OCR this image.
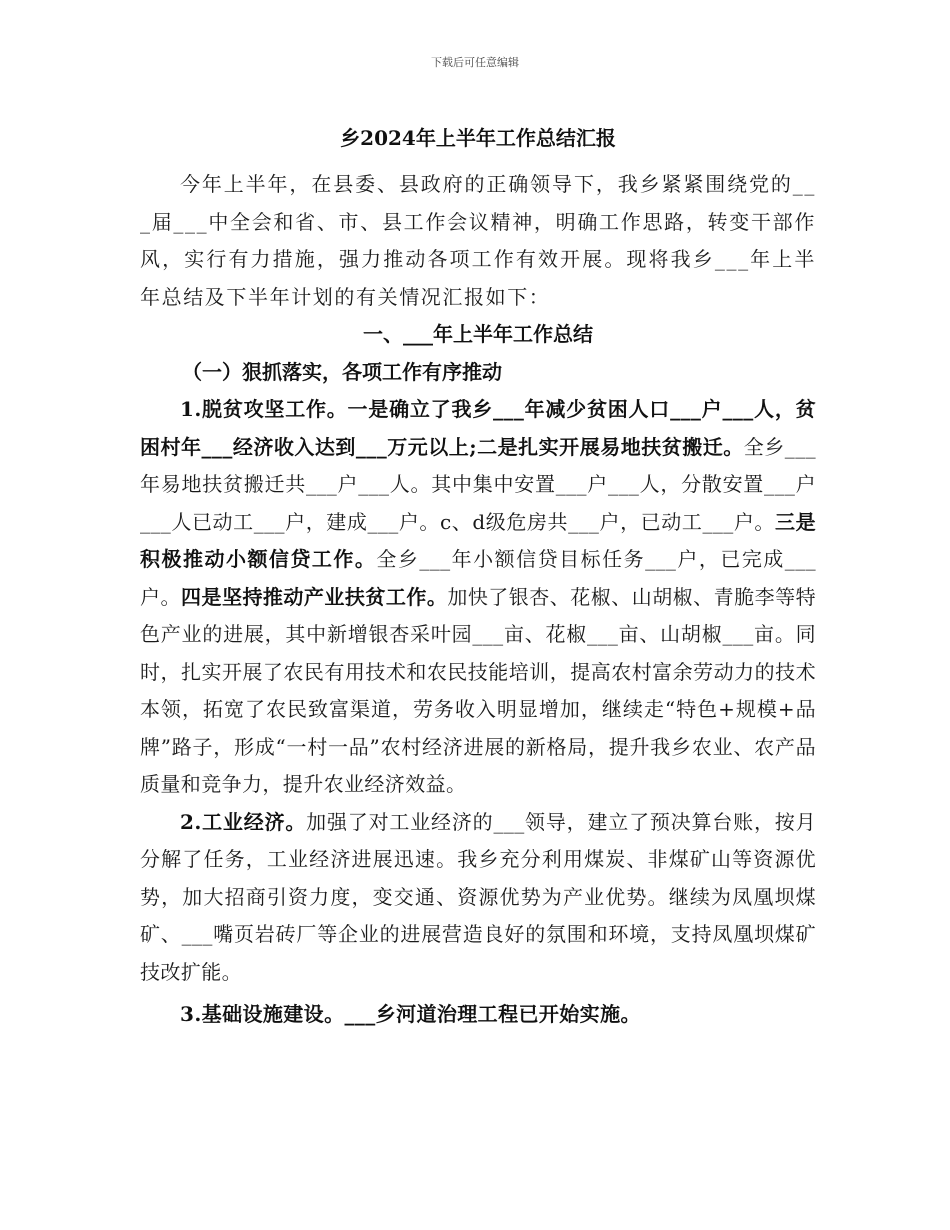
下载后可任意编辑
乡2024年上半年工作总结汇报

今年上半年，在县委、县政府的正确领导下，我乡紧紧围绕党的___届___中全会和省、市、县工作会议精神，明确工作思路，转变干部作风，实行有力措施，强力推动各项工作有效开展。现将我乡___年上半年总结及下半年计划的有关情况汇报如下：

一、___年上半年工作总结
（一）狠抓落实，各项工作有序推动

1.脱贫攻坚工作。一是确立了我乡___年减少贫困人口___户___人，贫困村年___经济收入达到___万元以上;二是扎实开展易地扶贫搬迁。全乡___年易地扶贫搬迁共___户___人。其中集中安置___户___人，分散安置___户___人已动工___户，建成___户。c、d级危房共___户，已动工___户。三是积极推动小额信贷工作。全乡___年小额信贷目标任务___户，已完成___户。四是坚持推动产业扶贫工作。加快了银杏、花椒、山胡椒、青脆李等特色产业的进展，其中新增银杏采叶园___亩、花椒___亩、山胡椒___亩。同时，扎实开展了农民有用技术和农民技能培训，提高农村富余劳动力的技术本领，拓宽了农民致富渠道，劳务收入明显增加，继续走“特色+规模+品牌”路子，形成“一村一品”农村经济进展的新格局，提升我乡农业、农产品质量和竞争力，提升农业经济效益。

2.工业经济。加强了对工业经济的___领导，建立了预决算台账，按月分解了任务，工业经济进展迅速。我乡充分利用煤炭、非煤矿山等资源优势，加大招商引资力度，变交通、资源优势为产业优势。继续为凤凰坝煤矿、___嘴页岩砖厂等企业的进展营造良好的氛围和环境，支持凤凰坝煤矿技改扩能。

3.基础设施建设。___乡河道治理工程已开始实施。
